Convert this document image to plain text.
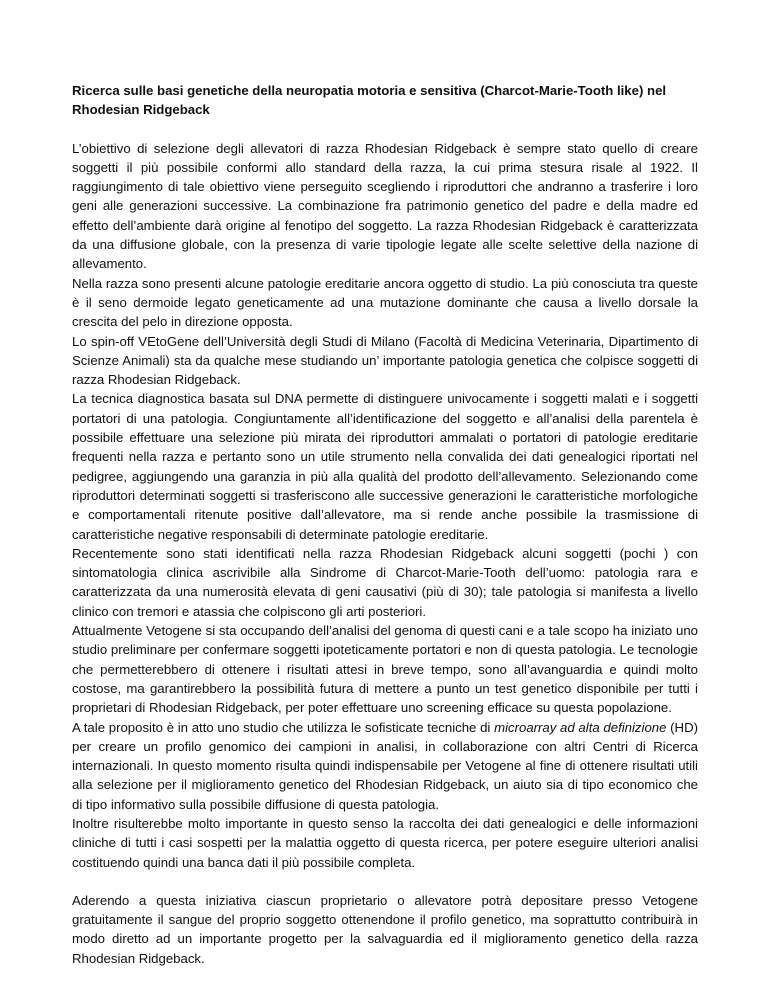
Ricerca sulle basi genetiche della neuropatia motoria e sensitiva (Charcot-Marie-Tooth like) nel Rhodesian Ridgeback

L’obiettivo di selezione degli allevatori di razza Rhodesian Ridgeback è sempre stato quello di creare soggetti il più possibile conformi allo standard della razza, la cui prima stesura risale al 1922. Il raggiungimento di tale obiettivo viene perseguito scegliendo i riproduttori che andranno a trasferire i loro geni alle generazioni successive. La combinazione fra patrimonio genetico del padre e della madre ed effetto dell’ambiente darà origine al fenotipo del soggetto. La razza Rhodesian Ridgeback è caratterizzata da una diffusione globale, con la presenza di varie tipologie legate alle scelte selettive della nazione di allevamento.

Nella razza sono presenti alcune patologie ereditarie ancora oggetto di studio. La più conosciuta tra queste è il seno dermoide legato geneticamente ad una mutazione dominante che causa a livello dorsale la crescita del pelo in direzione opposta.

Lo spin-off VEtoGene dell’Università degli Studi di Milano (Facoltà di Medicina Veterinaria, Dipartimento di Scienze Animali) sta da qualche mese studiando un’ importante patologia genetica che colpisce soggetti di razza Rhodesian Ridgeback.

La tecnica diagnostica basata sul DNA permette di distinguere univocamente i soggetti malati e i soggetti portatori di una patologia. Congiuntamente all’identificazione del soggetto e all’analisi della parentela è possibile effettuare una selezione più mirata dei riproduttori ammalati o portatori di patologie ereditarie frequenti nella razza e pertanto sono un utile strumento nella convalida dei dati genealogici riportati nel pedigree, aggiungendo una garanzia in più alla qualità del prodotto dell’allevamento. Selezionando come riproduttori determinati soggetti si trasferiscono alle successive generazioni le caratteristiche morfologiche e comportamentali ritenute positive dall’allevatore, ma si rende anche possibile la trasmissione di caratteristiche negative responsabili di determinate patologie ereditarie.

Recentemente sono stati identificati nella razza Rhodesian Ridgeback alcuni soggetti (pochi ) con sintomatologia clinica ascrivibile alla Sindrome di Charcot-Marie-Tooth dell’uomo: patologia rara e caratterizzata da una numerosità elevata di geni causativi (più di 30); tale patologia si manifesta a livello clinico con tremori e atassia che colpiscono gli arti posteriori.

Attualmente Vetogene si sta occupando dell’analisi del genoma di questi cani e a tale scopo ha iniziato uno studio preliminare per confermare soggetti ipoteticamente portatori e non di questa patologia. Le tecnologie che permetterebbero di ottenere i risultati attesi in breve tempo, sono all’avanguardia e quindi molto costose, ma garantirebbero la possibilità futura di mettere a punto un test genetico disponibile per tutti i proprietari di Rhodesian Ridgeback, per poter effettuare uno screening efficace su questa popolazione.

A tale proposito è in atto uno studio che utilizza le sofisticate tecniche di microarray ad alta definizione (HD) per creare un profilo genomico dei campioni in analisi, in collaborazione con altri Centri di Ricerca internazionali. In questo momento risulta quindi indispensabile per Vetogene al fine di ottenere risultati utili alla selezione per il miglioramento genetico del Rhodesian Ridgeback, un aiuto sia di tipo economico che di tipo informativo sulla possibile diffusione di questa patologia.

Inoltre risulterebbe molto importante in questo senso la raccolta dei dati genealogici e delle informazioni cliniche di tutti i casi sospetti per la malattia oggetto di questa ricerca, per potere eseguire ulteriori analisi costituendo quindi una banca dati il più possibile completa.

Aderendo a questa iniziativa ciascun proprietario o allevatore potrà depositare presso Vetogene gratuitamente il sangue del proprio soggetto ottenendone il profilo genetico, ma soprattutto contribuirà in modo diretto ad un importante progetto per la salvaguardia ed il miglioramento genetico della razza Rhodesian Ridgeback.
